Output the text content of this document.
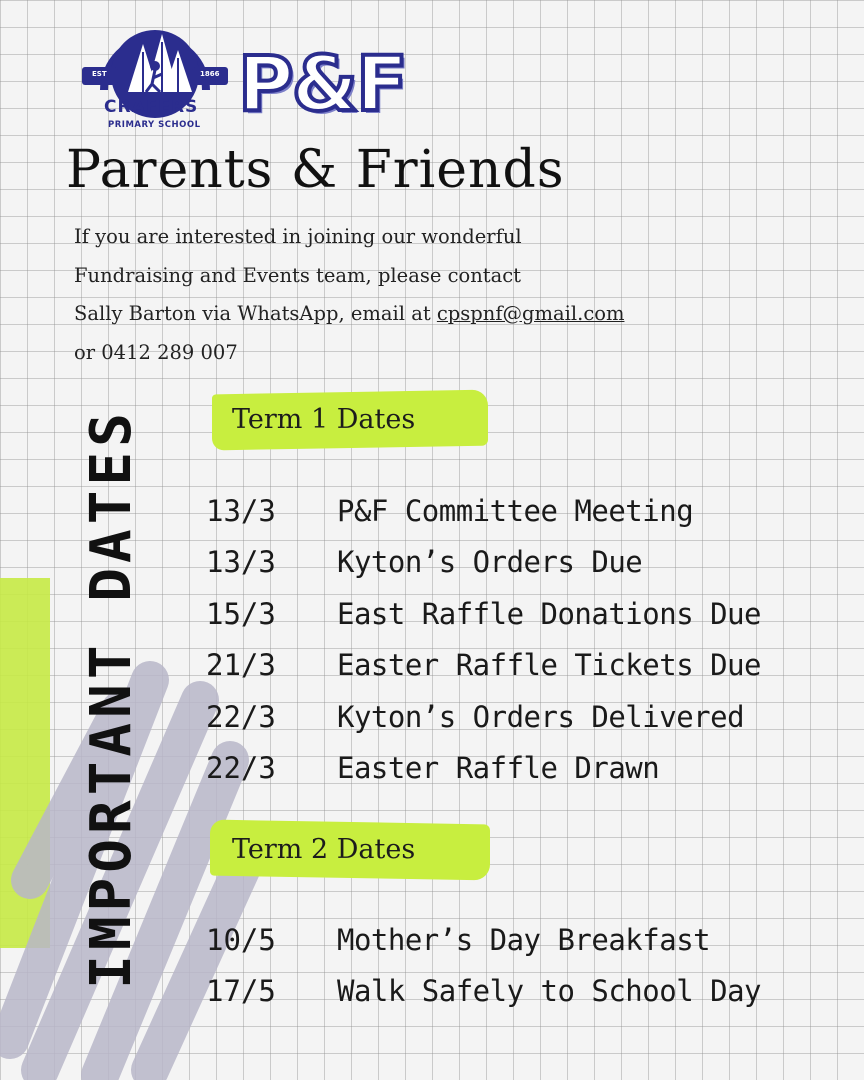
EST	1866
CRAFERS
PRIMARY SCHOOL P&F
Parents & Friends
If you are interested in joining our wonderful
Fundraising and Events team, please contact
Sally Barton via WhatsApp, email at cpspnf@gmail.com
or 0412 289 007
IMPORTANT DATES	Term 1 Dates
13/3	P&F Committee Meeting
13/3	Kyton’s Orders Due
15/3	East Raffle Donations Due
21/3	Easter Raffle Tickets Due
22/3	Kyton’s Orders Delivered
22/3	Easter Raffle Drawn
Term 2 Dates
10/5	Mother’s Day Breakfast
17/5	Walk Safely to School Day
